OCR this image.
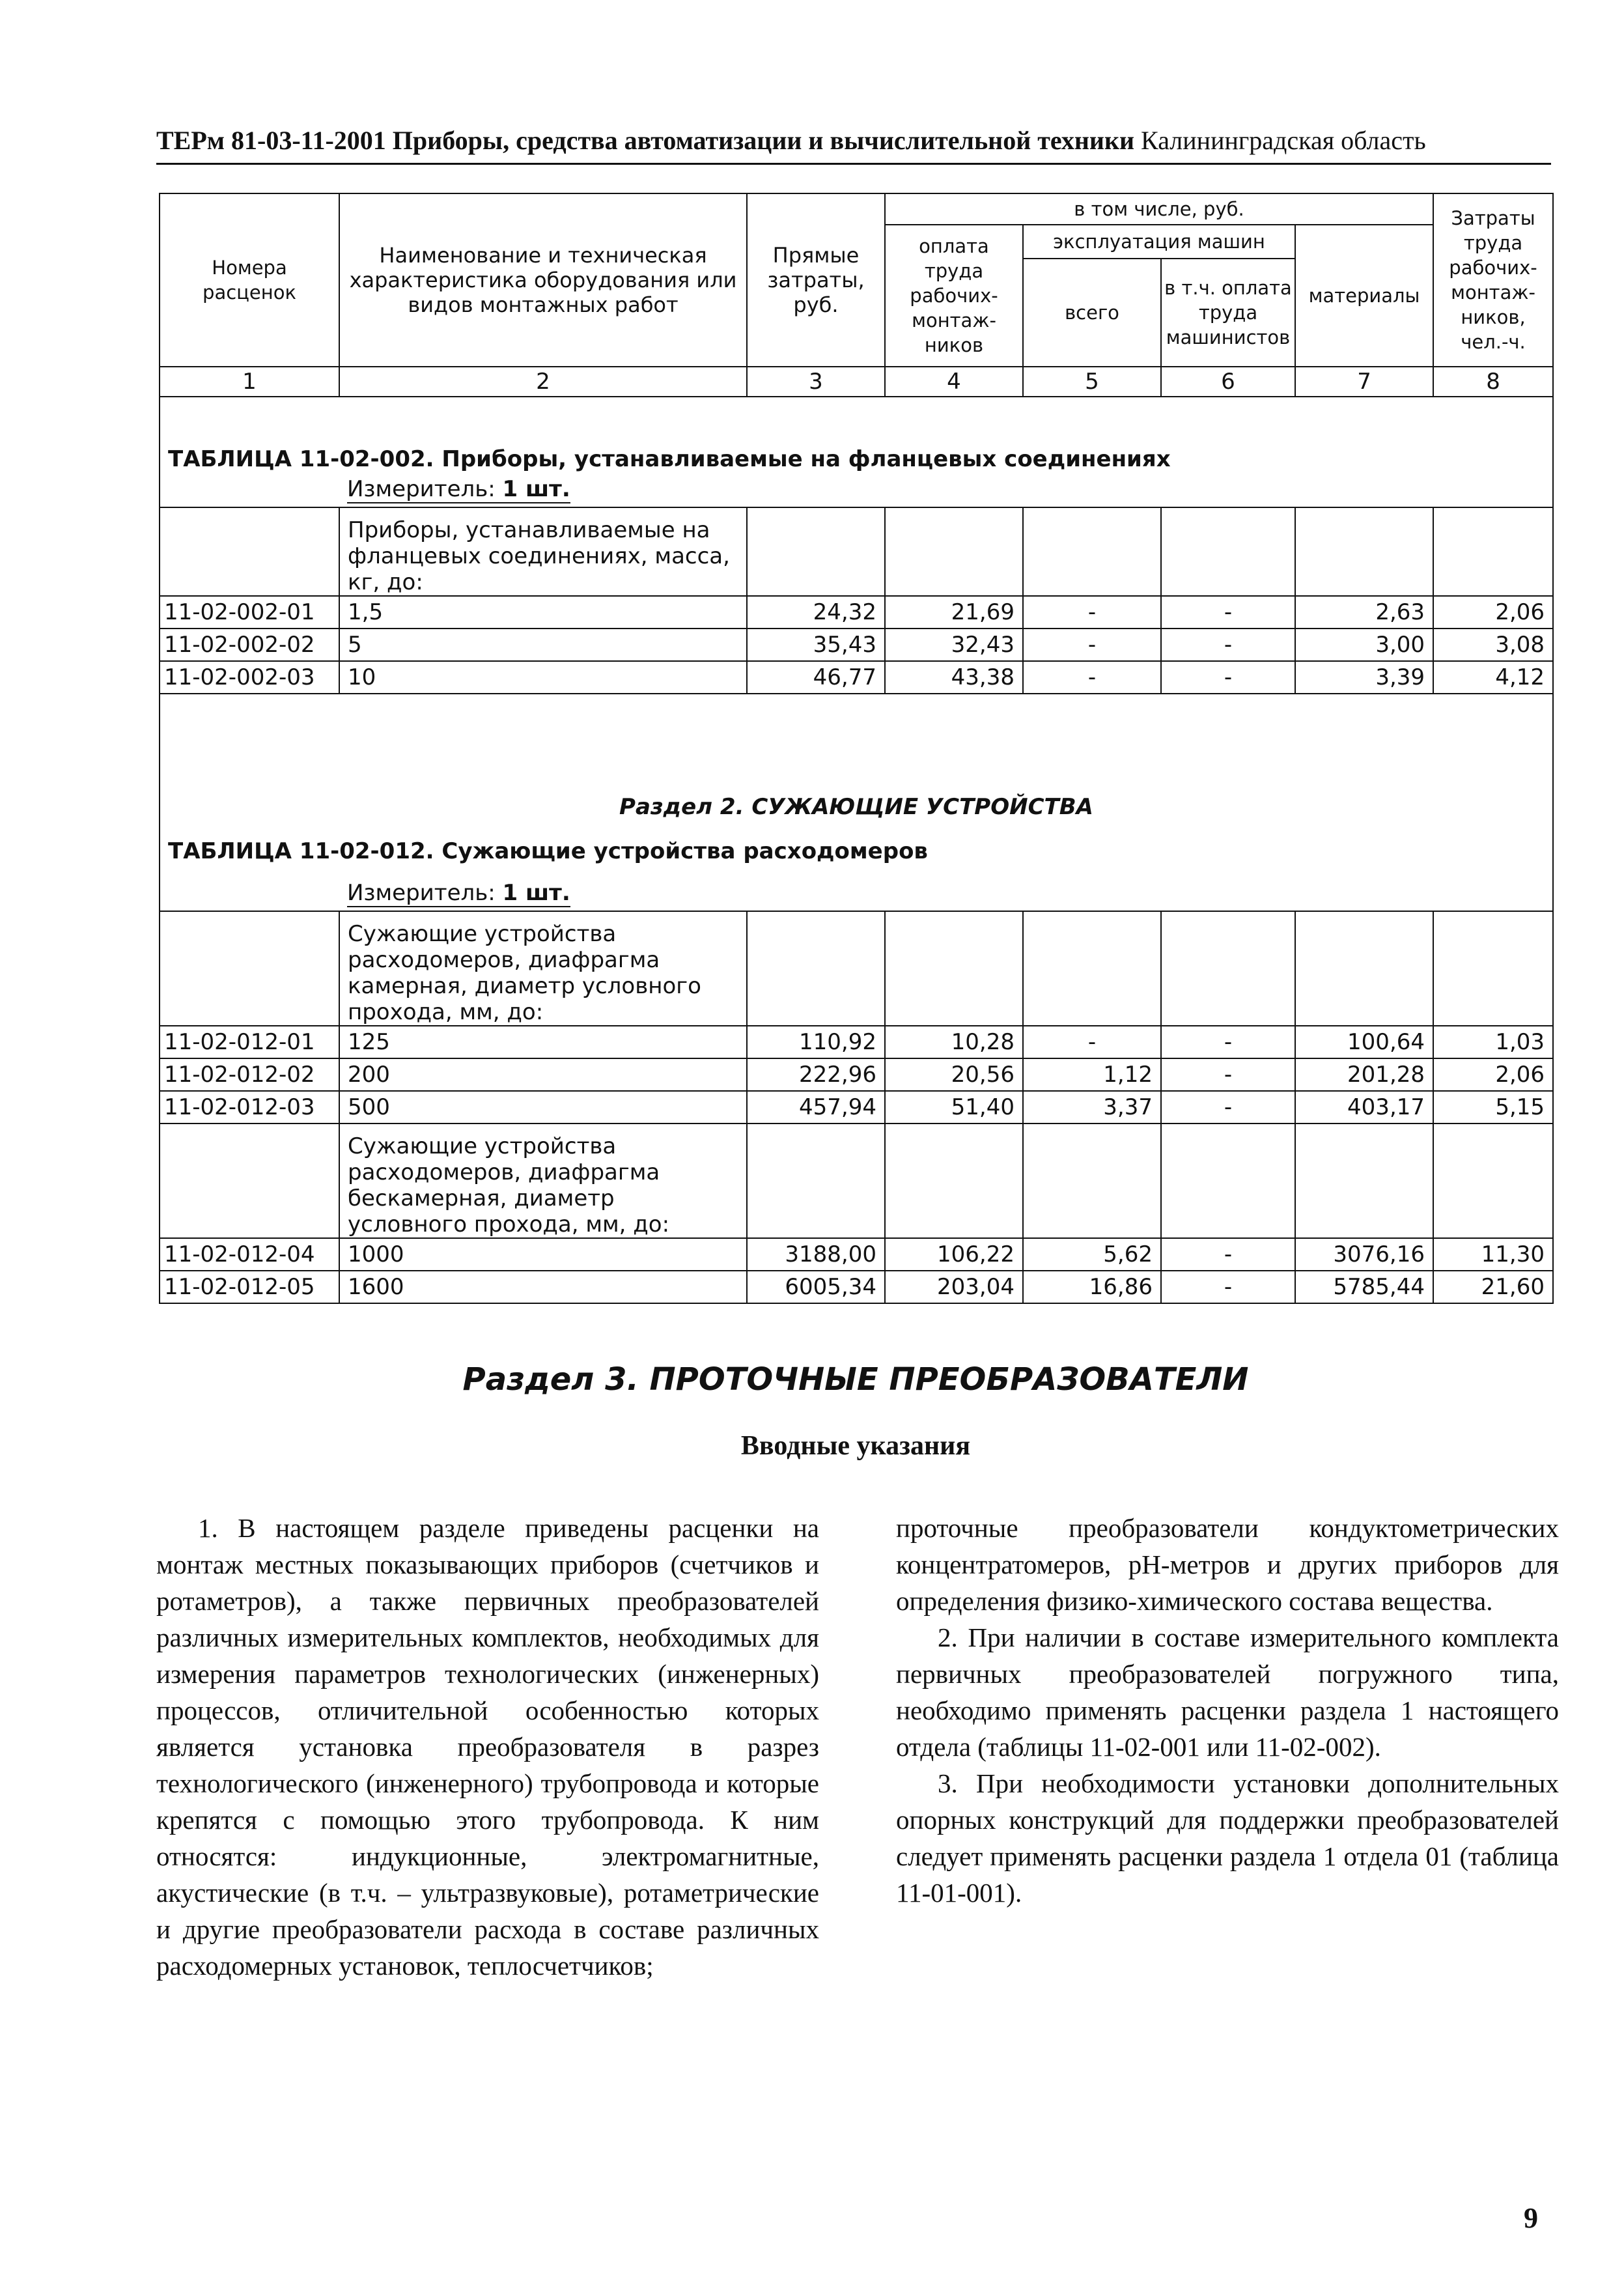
ТЕРм 81-03-11-2001 Приборы, средства автоматизации и вычислительной техники Калининградская область
Номера расценок	Наименование и техническая характеристика оборудования или видов монтажных работ	Прямые затраты, руб.	в том числе, руб.				Затраты труда рабочих-монтаж-ников, чел.-ч.
			оплата труда рабочих-монтаж-ников	эксплуатация машин		материалы	
				всего	в т.ч. оплата труда машинистов		
1	2	3	4	5	6	7	8
ТАБЛИЦА 11-02-002. Приборы, устанавливаемые на фланцевых соединениях							
	Измеритель: 1 шт.						
	Приборы, устанавливаемые на фланцевых соединениях, масса, кг, до:						
11-02-002-01	1,5	24,32	21,69	-	-	2,63	2,06
11-02-002-02	5	35,43	32,43	-	-	3,00	3,08
11-02-002-03	10	46,77	43,38	-	-	3,39	4,12
Раздел 2. СУЖАЮЩИЕ УСТРОЙСТВА							
ТАБЛИЦА 11-02-012. Сужающие устройства расходомеров							
	Измеритель: 1 шт.						
	Сужающие устройства расходомеров, диафрагма камерная, диаметр условного прохода, мм, до:						
11-02-012-01	125	110,92	10,28	-	-	100,64	1,03
11-02-012-02	200	222,96	20,56	1,12	-	201,28	2,06
11-02-012-03	500	457,94	51,40	3,37	-	403,17	5,15
	Сужающие устройства расходомеров, диафрагма бескамерная, диаметр условного прохода, мм, до:						
11-02-012-04	1000	3188,00	106,22	5,62	-	3076,16	11,30
11-02-012-05	1600	6005,34	203,04	16,86	-	5785,44	21,60
Раздел 3. ПРОТОЧНЫЕ ПРЕОБРАЗОВАТЕЛИ
Вводные указания

1. В настоящем разделе приведены расценки на монтаж местных показывающих приборов (счетчиков и ротаметров), а также первичных преобразователей различных измерительных комплектов, необходимых для измерения параметров технологических (инженерных) процессов, отличительной особенностью которых является установка преобразователя в разрез технологического (инженерного) трубопровода и которые крепятся с помощью этого трубопровода. К ним относятся: индукционные, электромагнитные, акустические (в т.ч. – ультразвуковые), ротаметрические и другие преобразователи расхода в составе различных расходомерных установок, теплосчетчиков;

проточные преобразователи кондуктометрических концентратомеров, pH-метров и других приборов для определения физико-химического состава вещества.

2. При наличии в составе измерительного комплекта первичных преобразователей погружного типа, необходимо применять расценки раздела 1 настоящего отдела (таблицы 11-02-001 или 11-02-002).

3. При необходимости установки дополнительных опорных конструкций для поддержки преобразователей следует применять расценки раздела 1 отдела 01 (таблица 11-01-001).

9
